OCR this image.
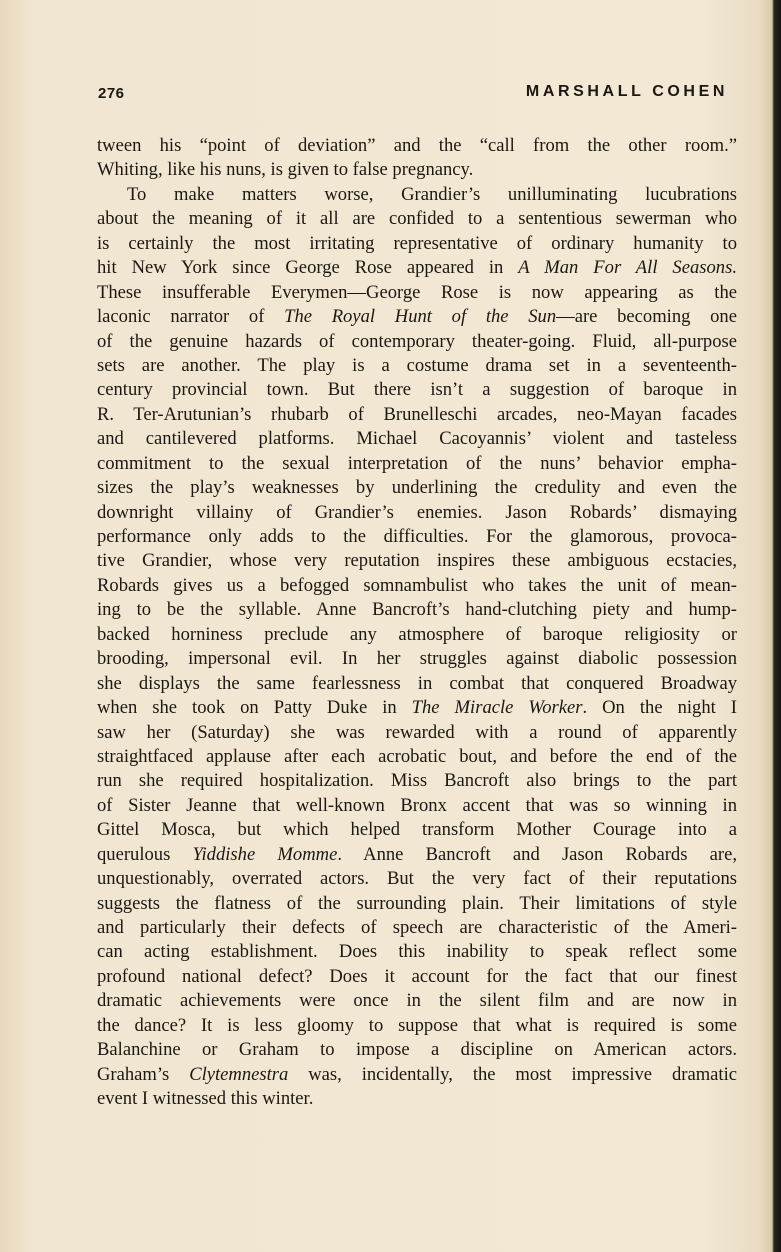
276	MARSHALL COHEN
tween his “point of deviation” and the “call from the other room.”
Whiting, like his nuns, is given to false pregnancy.
To make matters worse, Grandier’s unilluminating lucubrations
about the meaning of it all are confided to a sententious sewerman who
is certainly the most irritating representative of ordinary humanity to
hit New York since George Rose appeared in A Man For All Seasons.
These insufferable Everymen—George Rose is now appearing as the
laconic narrator of The Royal Hunt of the Sun—are becoming one
of the genuine hazards of contemporary theater-going. Fluid, all-purpose
sets are another. The play is a costume drama set in a seventeenth-
century provincial town. But there isn’t a suggestion of baroque in
R. Ter-Arutunian’s rhubarb of Brunelleschi arcades, neo-Mayan facades
and cantilevered platforms. Michael Cacoyannis’ violent and tasteless
commitment to the sexual interpretation of the nuns’ behavior empha-
sizes the play’s weaknesses by underlining the credulity and even the
downright villainy of Grandier’s enemies. Jason Robards’ dismaying
performance only adds to the difficulties. For the glamorous, provoca-
tive Grandier, whose very reputation inspires these ambiguous ecstacies,
Robards gives us a befogged somnambulist who takes the unit of mean-
ing to be the syllable. Anne Bancroft’s hand-clutching piety and hump-
backed horniness preclude any atmosphere of baroque religiosity or
brooding, impersonal evil. In her struggles against diabolic possession
she displays the same fearlessness in combat that conquered Broadway
when she took on Patty Duke in The Miracle Worker. On the night I
saw her (Saturday) she was rewarded with a round of apparently
straightfaced applause after each acrobatic bout, and before the end of the
run she required hospitalization. Miss Bancroft also brings to the part
of Sister Jeanne that well-known Bronx accent that was so winning in
Gittel Mosca, but which helped transform Mother Courage into a
querulous Yiddishe Momme. Anne Bancroft and Jason Robards are,
unquestionably, overrated actors. But the very fact of their reputations
suggests the flatness of the surrounding plain. Their limitations of style
and particularly their defects of speech are characteristic of the Ameri-
can acting establishment. Does this inability to speak reflect some
profound national defect? Does it account for the fact that our finest
dramatic achievements were once in the silent film and are now in
the dance? It is less gloomy to suppose that what is required is some
Balanchine or Graham to impose a discipline on American actors.
Graham’s Clytemnestra was, incidentally, the most impressive dramatic
event I witnessed this winter.
